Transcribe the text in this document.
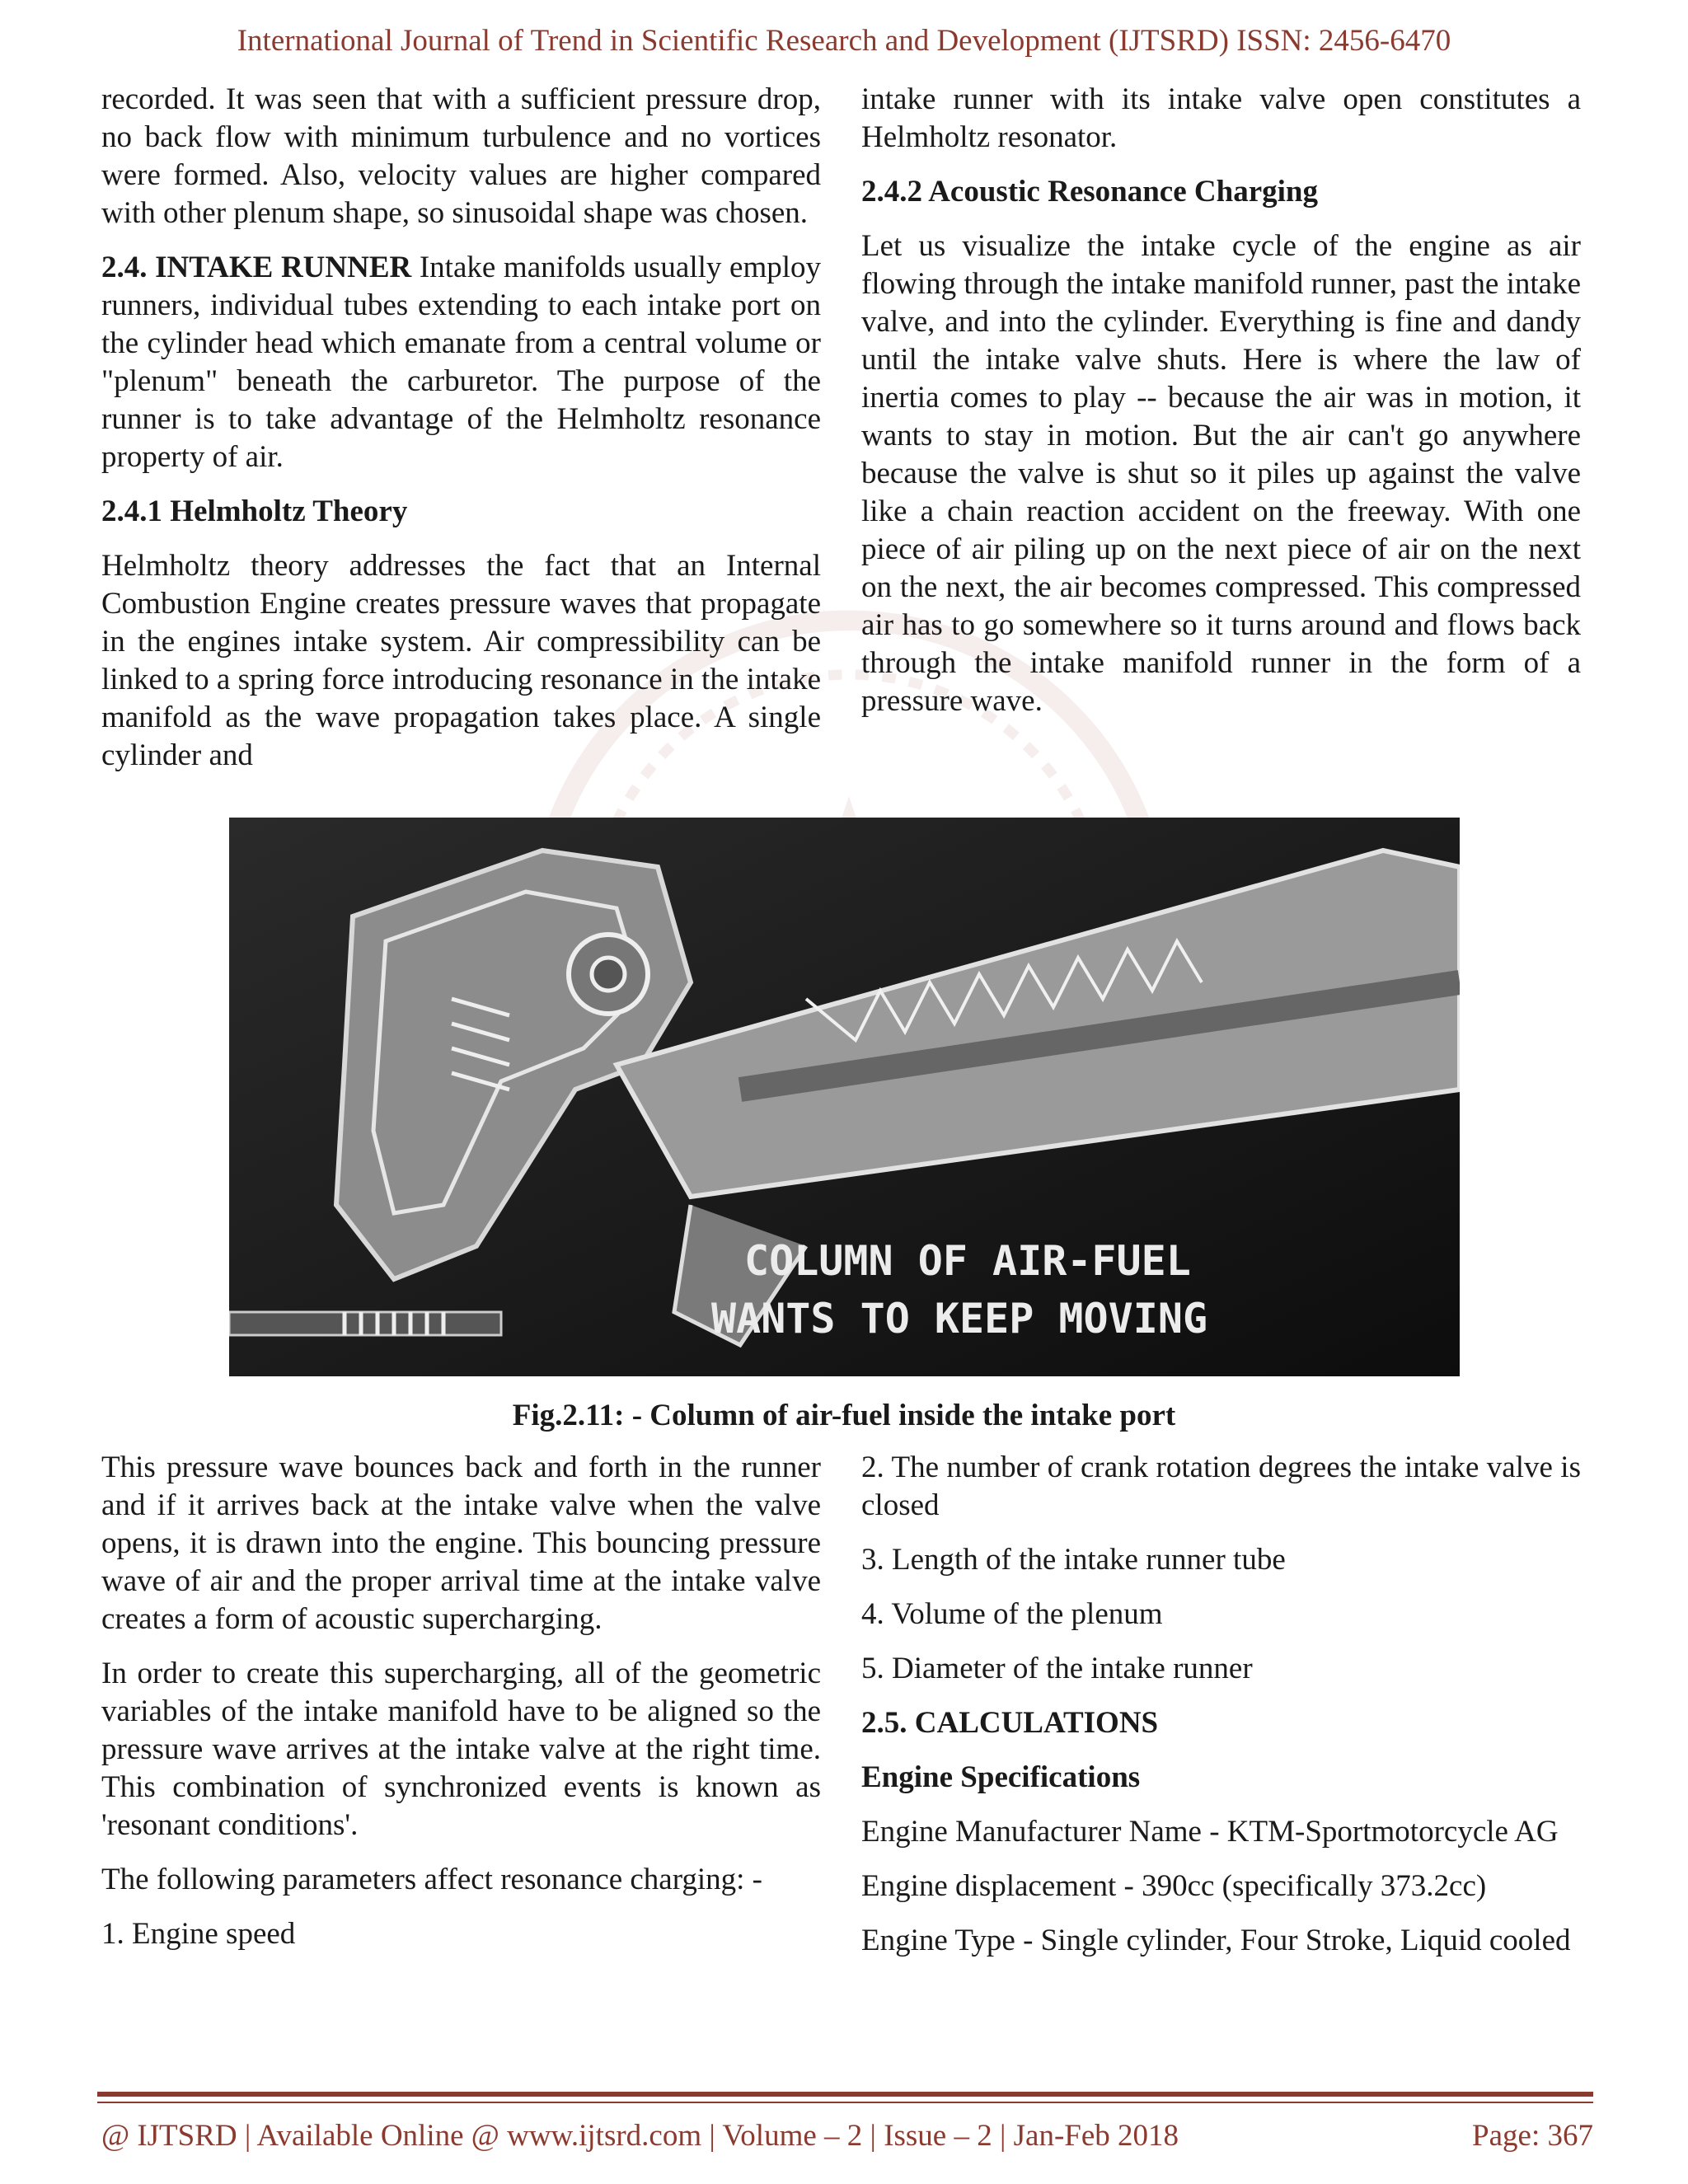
International Journal of Trend in Scientific Research and Development (IJTSRD) ISSN: 2456-6470

recorded. It was seen that with a sufficient pressure drop, no back flow with minimum turbulence and no vortices were formed. Also, velocity values are higher compared with other plenum shape, so sinusoidal shape was chosen.

2.4. INTAKE RUNNER Intake manifolds usually employ runners, individual tubes extending to each intake port on the cylinder head which emanate from a central volume or "plenum" beneath the carburetor. The purpose of the runner is to take advantage of the Helmholtz resonance property of air.

2.4.1 Helmholtz Theory

Helmholtz theory addresses the fact that an Internal Combustion Engine creates pressure waves that propagate in the engines intake system. Air compressibility can be linked to a spring force introducing resonance in the intake manifold as the wave propagation takes place. A single cylinder and

intake runner with its intake valve open constitutes a Helmholtz resonator.

2.4.2 Acoustic Resonance Charging

Let us visualize the intake cycle of the engine as air flowing through the intake manifold runner, past the intake valve, and into the cylinder. Everything is fine and dandy until the intake valve shuts. Here is where the law of inertia comes to play -- because the air was in motion, it wants to stay in motion. But the air can't go anywhere because the valve is shut so it piles up against the valve like a chain reaction accident on the freeway. With one piece of air piling up on the next piece of air on the next on the next, the air becomes compressed. This compressed air has to go somewhere so it turns around and flows back through the intake manifold runner in the form of a pressure wave.

COLUMN OF AIR-FUEL
WANTS TO KEEP MOVING
Fig.2.11: - Column of air-fuel inside the intake port

This pressure wave bounces back and forth in the runner and if it arrives back at the intake valve when the valve opens, it is drawn into the engine. This bouncing pressure wave of air and the proper arrival time at the intake valve creates a form of acoustic supercharging.

In order to create this supercharging, all of the geometric variables of the intake manifold have to be aligned so the pressure wave arrives at the intake valve at the right time. This combination of synchronized events is known as 'resonant conditions'.

The following parameters affect resonance charging: -

1. Engine speed

2. The number of crank rotation degrees the intake valve is closed

3. Length of the intake runner tube

4. Volume of the plenum

5. Diameter of the intake runner

2.5. CALCULATIONS
Engine Specifications

Engine Manufacturer Name - KTM-Sportmotorcycle AG

Engine displacement - 390cc (specifically 373.2cc)

Engine Type - Single cylinder, Four Stroke, Liquid cooled

@ IJTSRD | Available Online @ www.ijtsrd.com | Volume – 2 | Issue – 2 | Jan-Feb 2018	Page: 367
